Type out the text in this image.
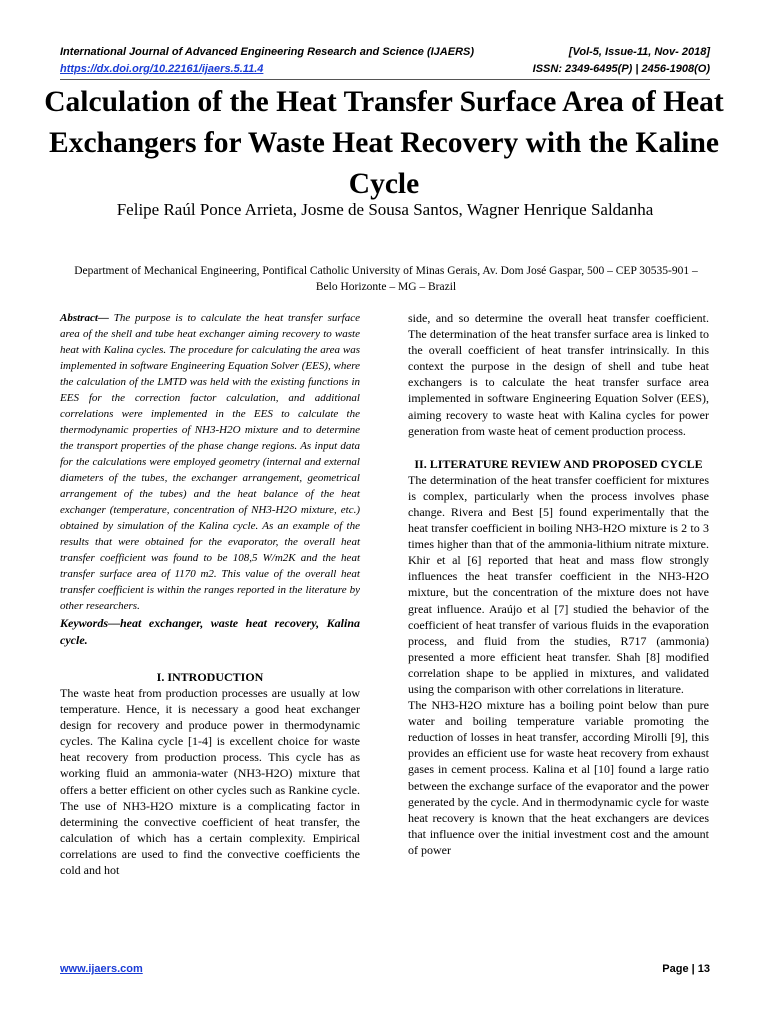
International Journal of Advanced Engineering Research and Science (IJAERS)	[Vol-5, Issue-11, Nov- 2018]
https://dx.doi.org/10.22161/ijaers.5.11.4	ISSN: 2349-6495(P) | 2456-1908(O)
Calculation of the Heat Transfer Surface Area of Heat Exchangers for Waste Heat Recovery with the Kaline Cycle
Felipe Raúl Ponce Arrieta, Josme de Sousa Santos, Wagner Henrique Saldanha
Department of Mechanical Engineering, Pontifical Catholic University of Minas Gerais, Av. Dom José Gaspar, 500 – CEP 30535-901 – Belo Horizonte – MG – Brazil

Abstract— The purpose is to calculate the heat transfer surface area of the shell and tube heat exchanger aiming recovery to waste heat with Kalina cycles. The procedure for calculating the area was implemented in software Engineering Equation Solver (EES), where the calculation of the LMTD was held with the existing functions in EES for the correction factor calculation, and additional correlations were implemented in the EES to calculate the thermodynamic properties of NH3-H2O mixture and to determine the transport properties of the phase change regions. As input data for the calculations were employed geometry (internal and external diameters of the tubes, the exchanger arrangement, geometrical arrangement of the tubes) and the heat balance of the heat exchanger (temperature, concentration of NH3-H2O mixture, etc.) obtained by simulation of the Kalina cycle. As an example of the results that were obtained for the evaporator, the overall heat transfer coefficient was found to be 108,5 W/m2K and the heat transfer surface area of 1170 m2. This value of the overall heat transfer coefficient is within the ranges reported in the literature by other researchers.

Keywords—heat exchanger, waste heat recovery, Kalina cycle.

I. INTRODUCTION

The waste heat from production processes are usually at low temperature. Hence, it is necessary a good heat exchanger design for recovery and produce power in thermodynamic cycles. The Kalina cycle [1-4] is excellent choice for waste heat recovery from production process. This cycle has as working fluid an ammonia-water (NH3-H2O) mixture that offers a better efficient on other cycles such as Rankine cycle. The use of NH3-H2O mixture is a complicating factor in determining the convective coefficient of heat transfer, the calculation of which has a certain complexity. Empirical correlations are used to find the convective coefficients the cold and hot

side, and so determine the overall heat transfer coefficient. The determination of the heat transfer surface area is linked to the overall coefficient of heat transfer intrinsically. In this context the purpose in the design of shell and tube heat exchangers is to calculate the heat transfer surface area implemented in software Engineering Equation Solver (EES), aiming recovery to waste heat with Kalina cycles for power generation from waste heat of cement production process.

II. LITERATURE REVIEW AND PROPOSED CYCLE

The determination of the heat transfer coefficient for mixtures is complex, particularly when the process involves phase change. Rivera and Best [5] found experimentally that the heat transfer coefficient in boiling NH3-H2O mixture is 2 to 3 times higher than that of the ammonia-lithium nitrate mixture. Khir et al [6] reported that heat and mass flow strongly influences the heat transfer coefficient in the NH3-H2O mixture, but the concentration of the mixture does not have great influence. Araújo et al [7] studied the behavior of the coefficient of heat transfer of various fluids in the evaporation process, and fluid from the studies, R717 (ammonia) presented a more efficient heat transfer. Shah [8] modified correlation shape to be applied in mixtures, and validated using the comparison with other correlations in literature.

The NH3-H2O mixture has a boiling point below than pure water and boiling temperature variable promoting the reduction of losses in heat transfer, according Mirolli [9], this provides an efficient use for waste heat recovery from exhaust gases in cement process. Kalina et al [10] found a large ratio between the exchange surface of the evaporator and the power generated by the cycle. And in thermodynamic cycle for waste heat recovery is known that the heat exchangers are devices that influence over the initial investment cost and the amount of power

www.ijaers.com	Page | 13
